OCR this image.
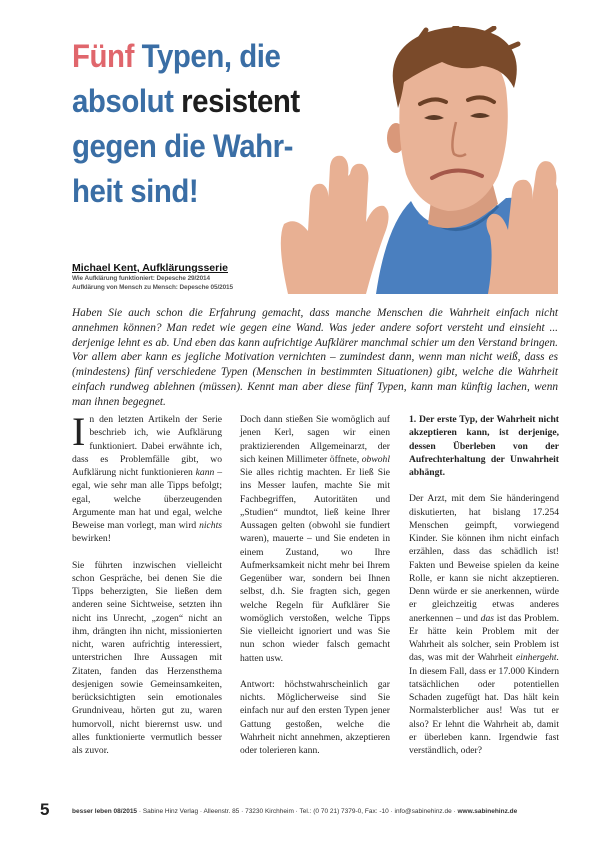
Fünf Typen, die
absolut resistent
gegen die Wahr-
heit sind!
Michael Kent, Aufklärungsserie
Wie Aufklärung funktioniert: Depesche 29/2014
Aufklärung von Mensch zu Mensch: Depesche 05/2015

Haben Sie auch schon die Erfahrung gemacht, dass manche Menschen die Wahrheit einfach nicht annehmen können? Man redet wie gegen eine Wand. Was jeder andere sofort versteht und einsieht ... derjenige lehnt es ab. Und eben das kann aufrichtige Aufklärer manchmal schier um den Verstand bringen. Vor allem aber kann es jegliche Motivation vernichten – zumindest dann, wenn man nicht weiß, dass es (mindestens) fünf verschiedene Typen (Menschen in bestimmten Situationen) gibt, welche die Wahrheit einfach rundweg ablehnen (müssen). Kennt man aber diese fünf Typen, kann man künftig lachen, wenn man ihnen begegnet.

In den letzten Artikeln der Serie beschrieb ich, wie Aufklärung funktioniert. Dabei erwähnte ich, dass es Problemfälle gibt, wo Aufklärung nicht funktionieren kann – egal, wie sehr man alle Tipps befolgt; egal, welche überzeugenden Argumente man hat und egal, welche Beweise man vorlegt, man wird nichts bewirken!

Sie führten inzwischen vielleicht schon Gespräche, bei denen Sie die Tipps beherzigten, Sie ließen dem anderen seine Sichtweise, setzten ihn nicht ins Unrecht, „zogen“ nicht an ihm, drängten ihn nicht, missionierten nicht, waren aufrichtig interessiert, unterstrichen Ihre Aussagen mit Zitaten, fanden das Herzensthema desjenigen sowie Gemeinsamkeiten, berücksichtigten sein emotionales Grundniveau, hörten gut zu, waren humorvoll, nicht bierernst usw. und alles funktionierte vermutlich besser als zuvor.

Doch dann stießen Sie womöglich auf jenen Kerl, sagen wir einen praktizierenden Allgemeinarzt, der sich keinen Millimeter öffnete, obwohl Sie alles richtig machten. Er ließ Sie ins Messer laufen, machte Sie mit Fachbegriffen, Autoritäten und „Studien“ mundtot, ließ keine Ihrer Aussagen gelten (obwohl sie fundiert waren), mauerte – und Sie endeten in einem Zustand, wo Ihre Aufmerksamkeit nicht mehr bei Ihrem Gegenüber war, sondern bei Ihnen selbst, d.h. Sie fragten sich, gegen welche Regeln für Aufklärer Sie womöglich verstoßen, welche Tipps Sie vielleicht ignoriert und was Sie nun schon wieder falsch gemacht hatten usw.

Antwort: höchstwahrscheinlich gar nichts. Möglicherweise sind Sie einfach nur auf den ersten Typen jener Gattung gestoßen, welche die Wahrheit nicht annehmen, akzeptieren oder tolerieren kann.

1. Der erste Typ, der Wahrheit nicht akzeptieren kann, ist derjenige, dessen Überleben von der Aufrechterhaltung der Unwahrheit abhängt.

Der Arzt, mit dem Sie händeringend diskutierten, hat bislang 17.254 Menschen geimpft, vorwiegend Kinder. Sie können ihm nicht einfach erzählen, dass das schädlich ist! Fakten und Beweise spielen da keine Rolle, er kann sie nicht akzeptieren. Denn würde er sie anerkennen, würde er gleichzeitig etwas anderes anerkennen – und das ist das Problem. Er hätte kein Problem mit der Wahrheit als solcher, sein Problem ist das, was mit der Wahrheit einhergeht. In diesem Fall, dass er 17.000 Kindern tatsächlichen oder potentiellen Schaden zugefügt hat. Das hält kein Normalsterblicher aus! Was tut er also? Er lehnt die Wahrheit ab, damit er überleben kann. Irgendwie fast verständlich, oder?

5	besser leben 08/2015 · Sabine Hinz Verlag · Alleenstr. 85 · 73230 Kirchheim · Tel.: (0 70 21) 7379-0, Fax: -10 · info@sabinehinz.de · www.sabinehinz.de
